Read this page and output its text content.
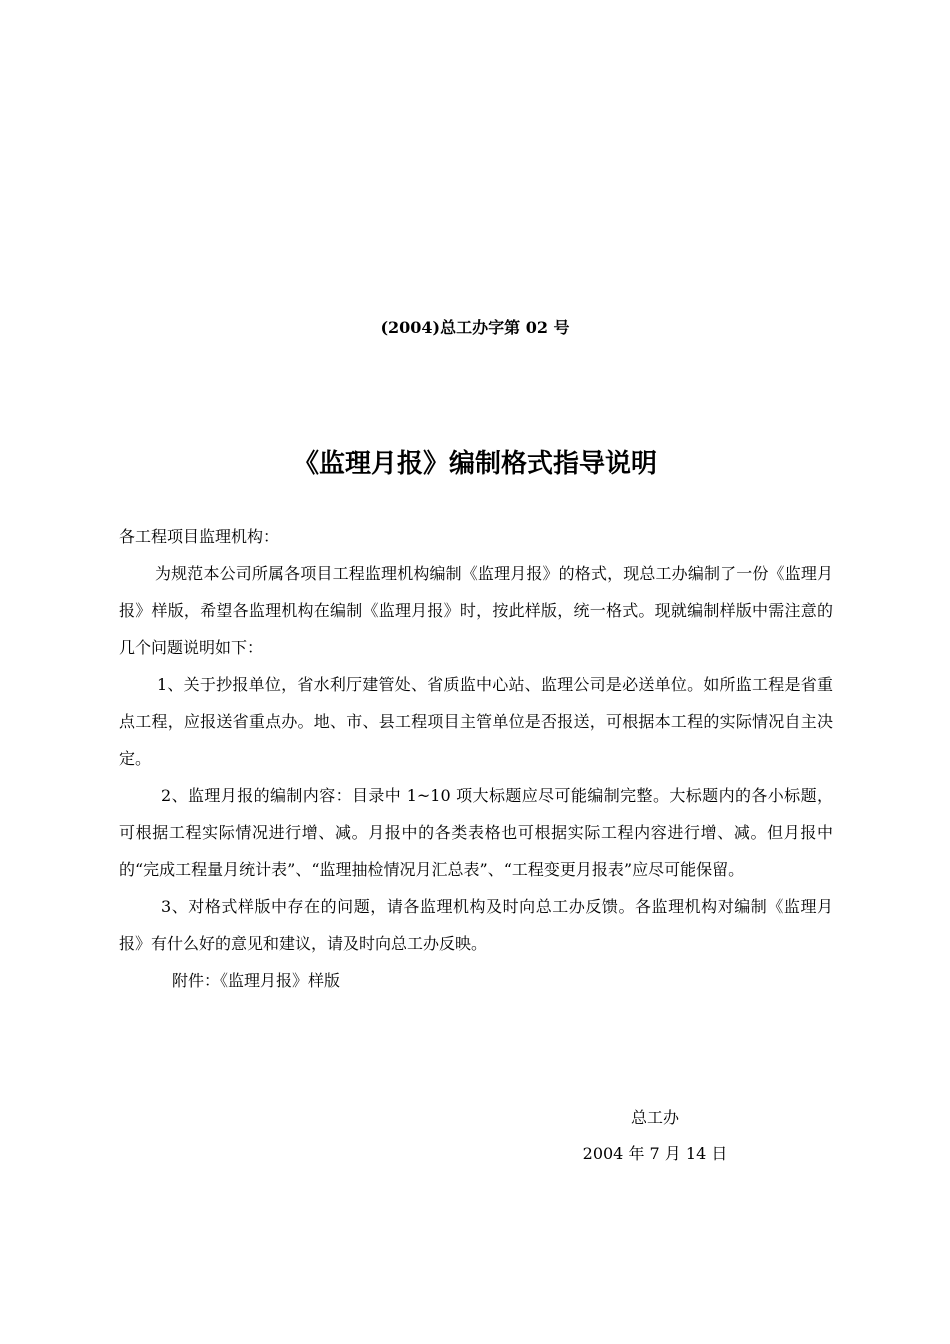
(2004)总工办字第 02 号
《监理月报》编制格式指导说明

各工程项目监理机构：

为规范本公司所属各项目工程监理机构编制《监理月报》的格式，现总工办编制了一份《监理月报》样版，希望各监理机构在编制《监理月报》时，按此样版，统一格式。现就编制样版中需注意的几个问题说明如下：

1、关于抄报单位，省水利厅建管处、省质监中心站、监理公司是必送单位。如所监工程是省重点工程，应报送省重点办。地、市、县工程项目主管单位是否报送，可根据本工程的实际情况自主决定。

2、监理月报的编制内容：目录中 1~10 项大标题应尽可能编制完整。大标题内的各小标题，可根据工程实际情况进行增、减。月报中的各类表格也可根据实际工程内容进行增、减。但月报中的“完成工程量月统计表”、“监理抽检情况月汇总表”、“工程变更月报表”应尽可能保留。

3、对格式样版中存在的问题，请各监理机构及时向总工办反馈。各监理机构对编制《监理月报》有什么好的意见和建议，请及时向总工办反映。

附件：《监理月报》样版

总工办
2004 年 7 月 14 日
